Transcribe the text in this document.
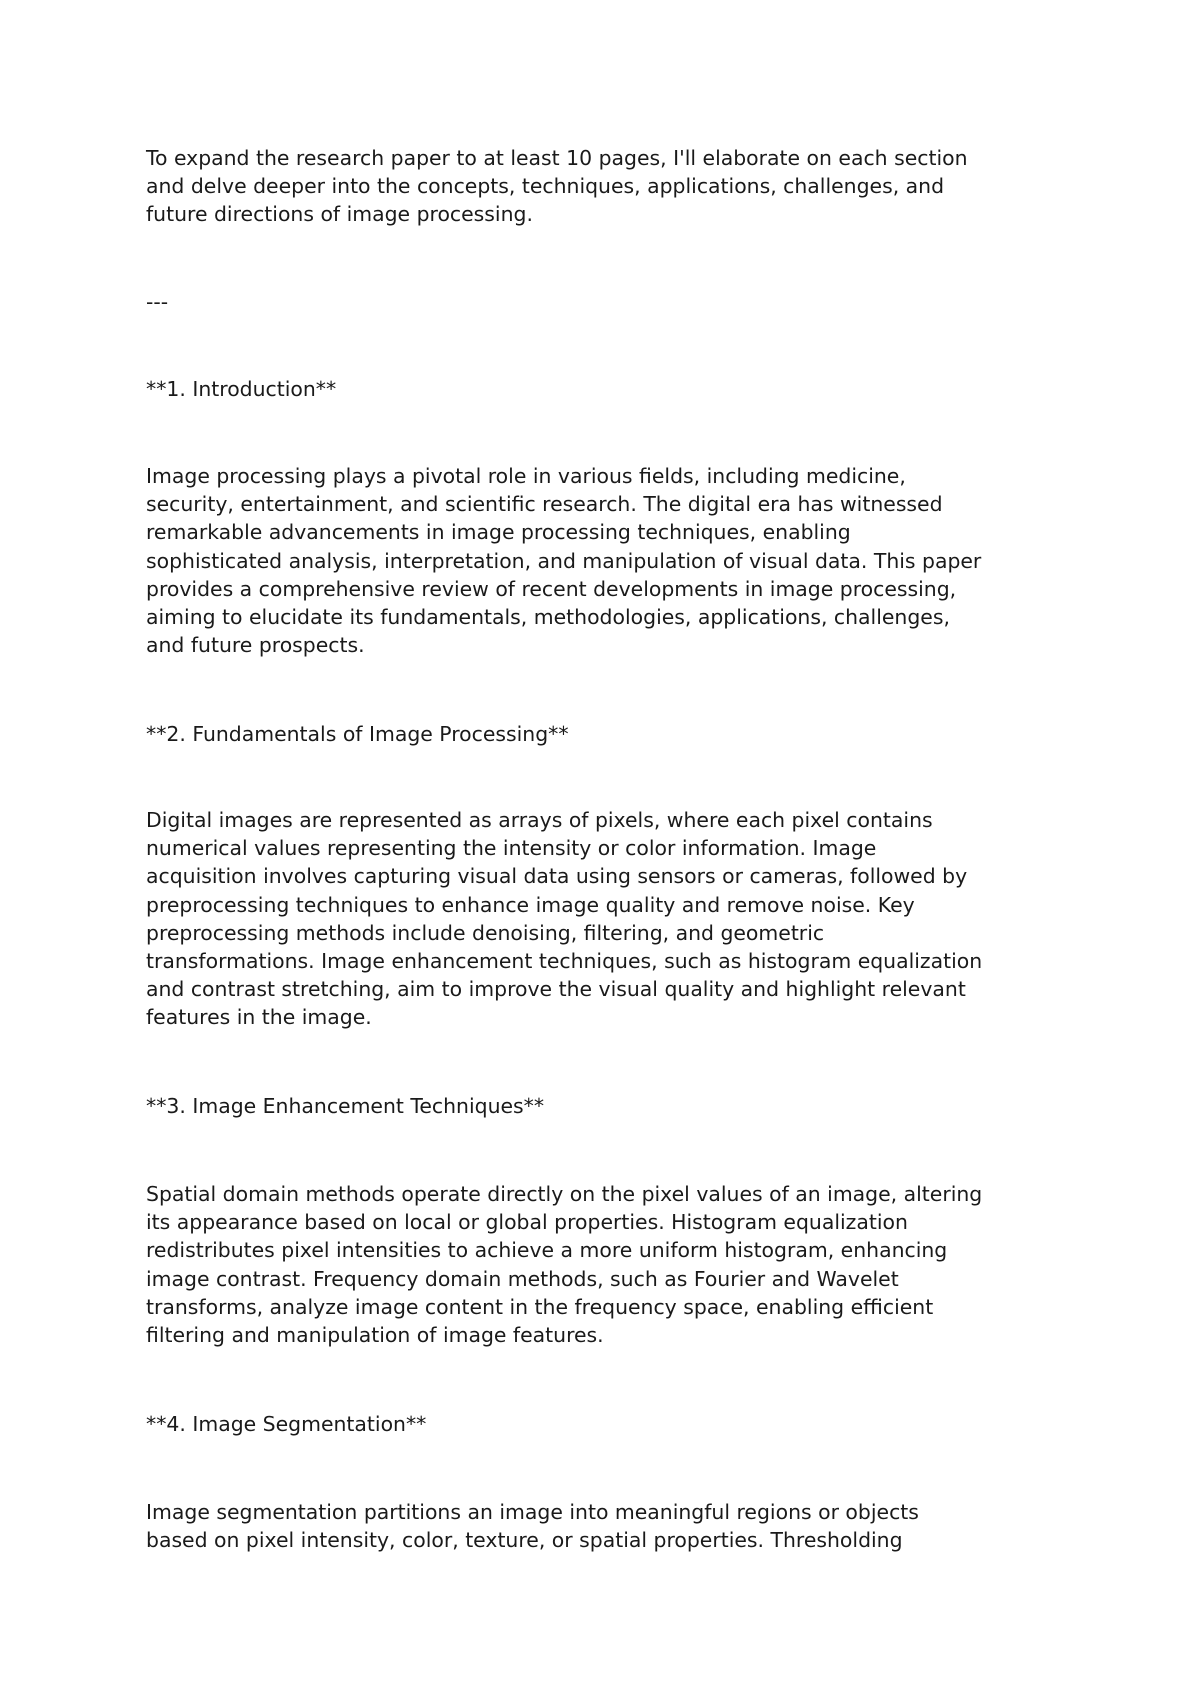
To expand the research paper to at least 10 pages, I'll elaborate on each section
and delve deeper into the concepts, techniques, applications, challenges, and
future directions of image processing.

---

**1. Introduction**

Image processing plays a pivotal role in various fields, including medicine,
security, entertainment, and scientific research. The digital era has witnessed
remarkable advancements in image processing techniques, enabling
sophisticated analysis, interpretation, and manipulation of visual data. This paper
provides a comprehensive review of recent developments in image processing,
aiming to elucidate its fundamentals, methodologies, applications, challenges,
and future prospects.

**2. Fundamentals of Image Processing**

Digital images are represented as arrays of pixels, where each pixel contains
numerical values representing the intensity or color information. Image
acquisition involves capturing visual data using sensors or cameras, followed by
preprocessing techniques to enhance image quality and remove noise. Key
preprocessing methods include denoising, filtering, and geometric
transformations. Image enhancement techniques, such as histogram equalization
and contrast stretching, aim to improve the visual quality and highlight relevant
features in the image.

**3. Image Enhancement Techniques**

Spatial domain methods operate directly on the pixel values of an image, altering
its appearance based on local or global properties. Histogram equalization
redistributes pixel intensities to achieve a more uniform histogram, enhancing
image contrast. Frequency domain methods, such as Fourier and Wavelet
transforms, analyze image content in the frequency space, enabling efficient
filtering and manipulation of image features.

**4. Image Segmentation**

Image segmentation partitions an image into meaningful regions or objects
based on pixel intensity, color, texture, or spatial properties. Thresholding
